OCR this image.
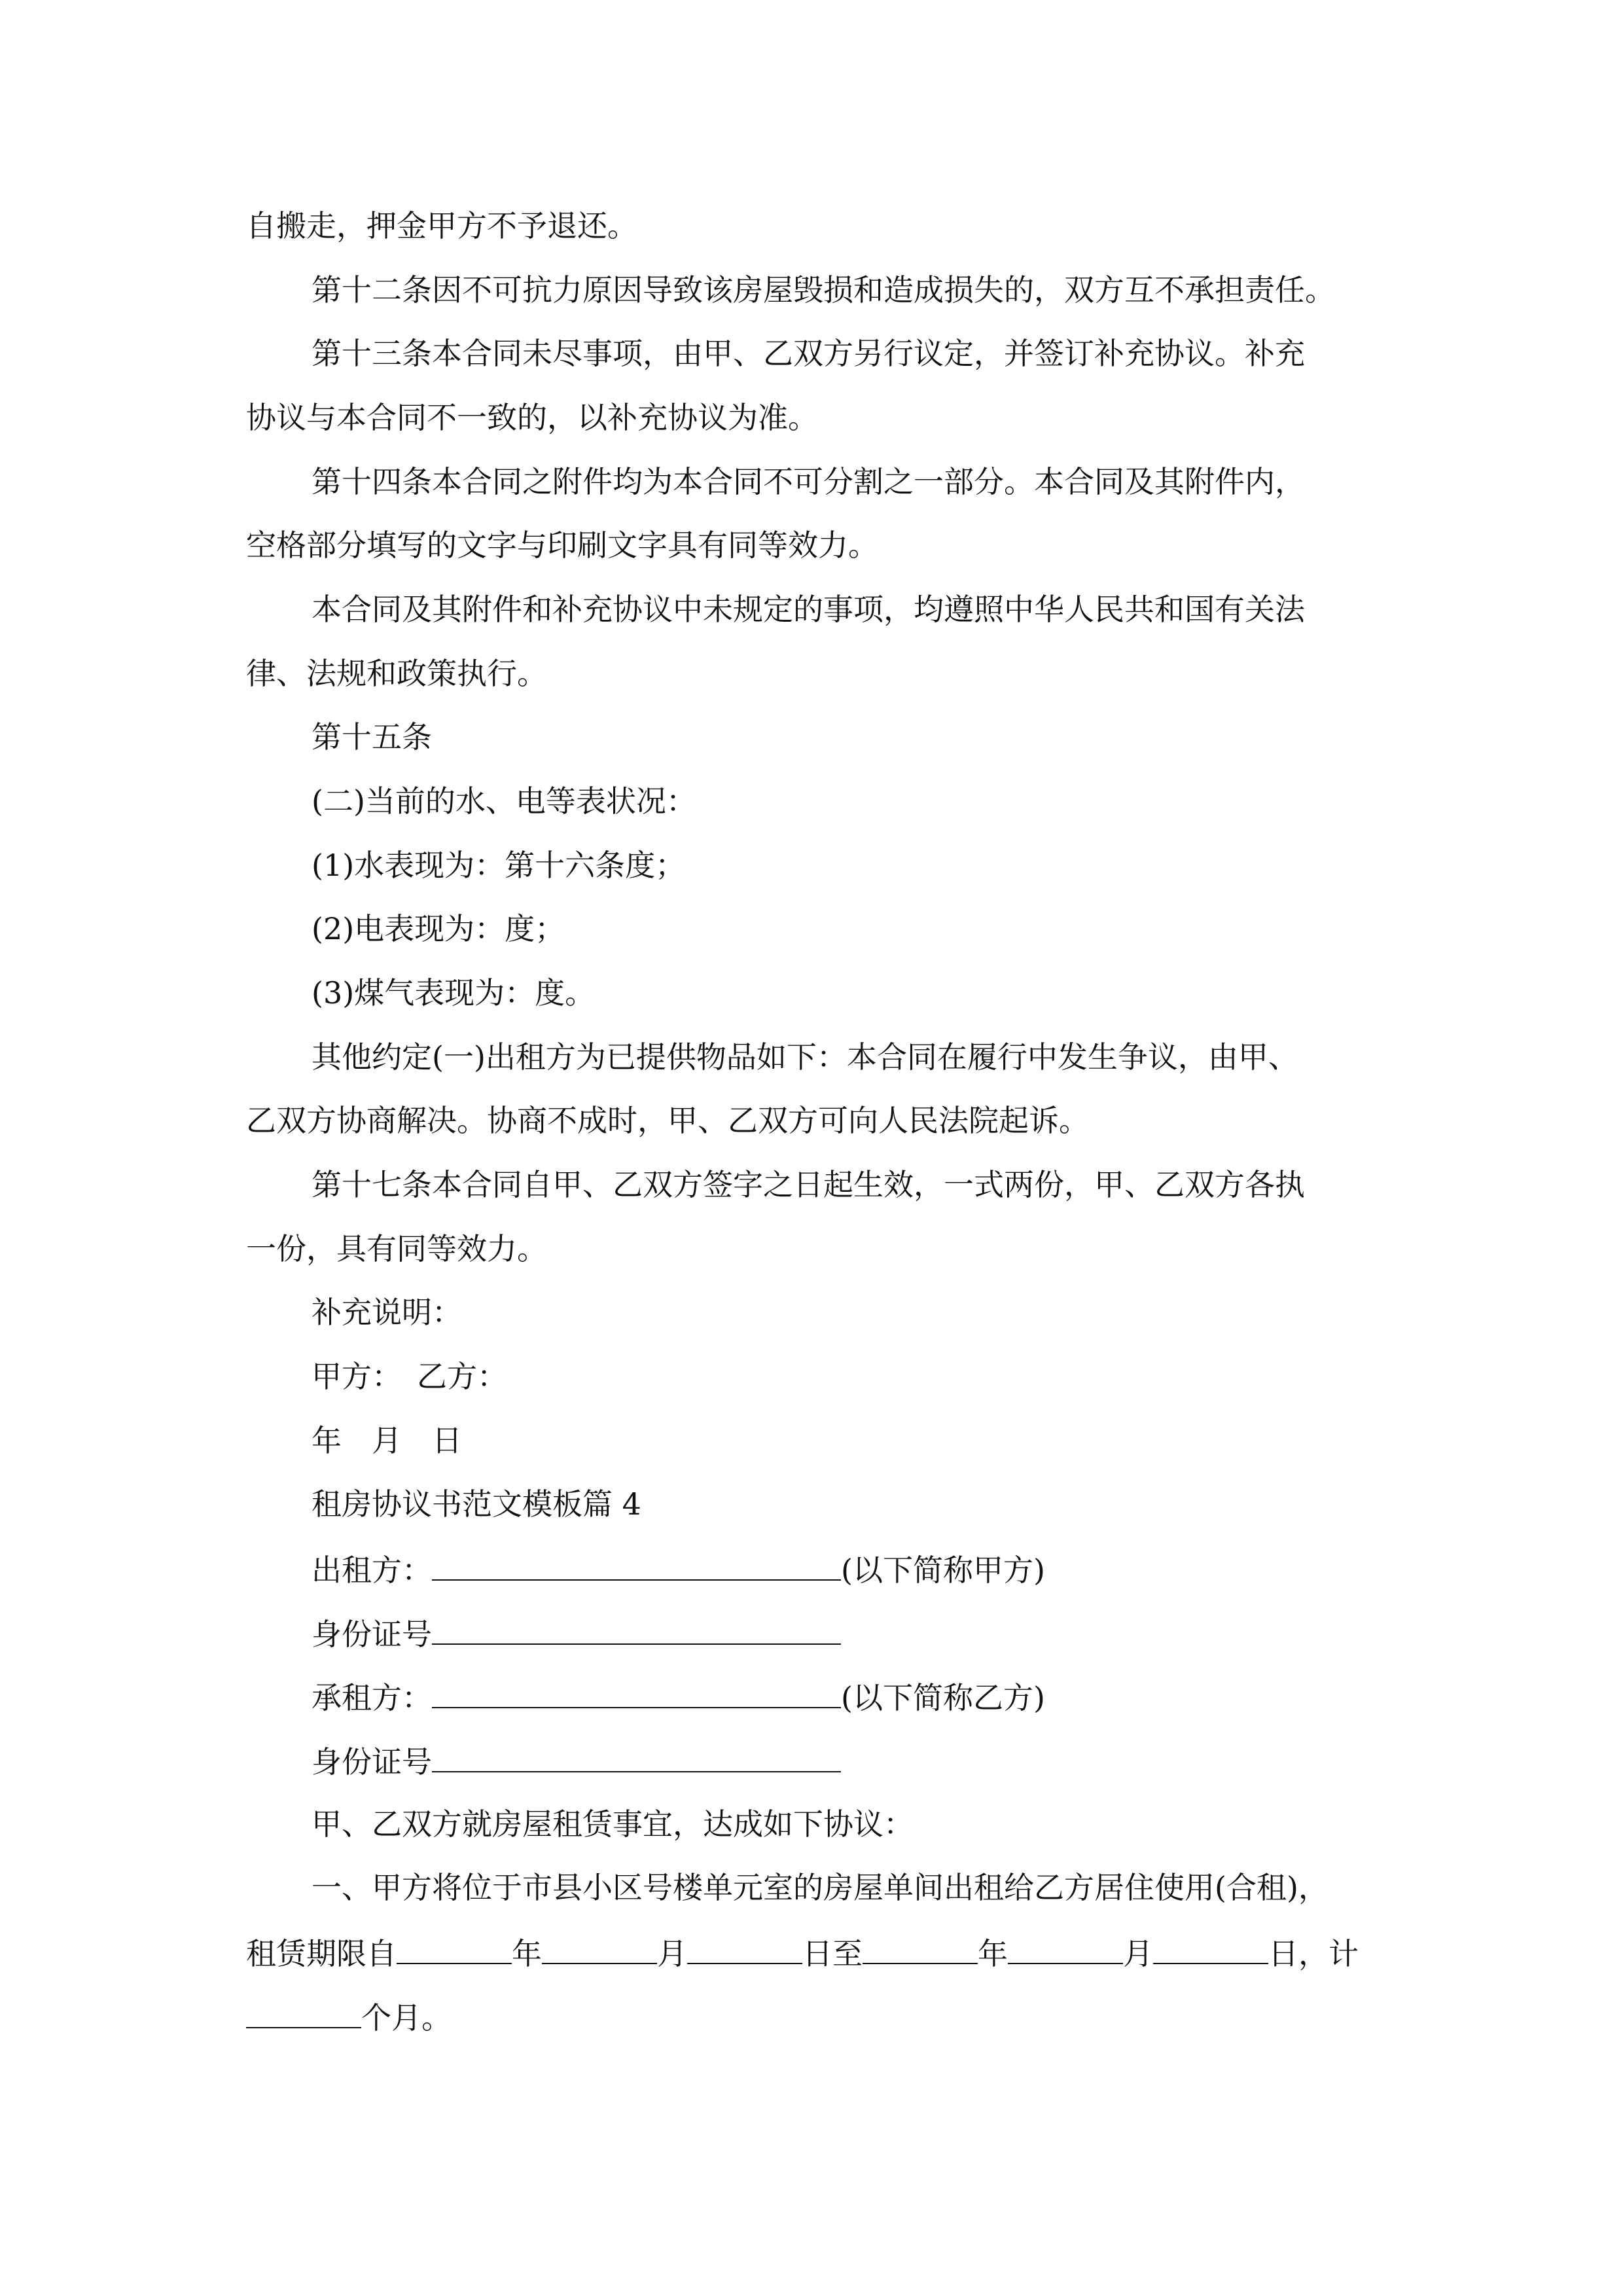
自搬走，押金甲方不予退还。
第十二条因不可抗力原因导致该房屋毁损和造成损失的，双方互不承担责任。
第十三条本合同未尽事项，由甲、乙双方另行议定，并签订补充协议。补充
协议与本合同不一致的，以补充协议为准。
第十四条本合同之附件均为本合同不可分割之一部分。本合同及其附件内，
空格部分填写的文字与印刷文字具有同等效力。
本合同及其附件和补充协议中未规定的事项，均遵照中华人民共和国有关法
律、法规和政策执行。
第十五条
(二)当前的水、电等表状况：
(1)水表现为：第十六条度；
(2)电表现为：度；
(3)煤气表现为：度。
其他约定(一)出租方为已提供物品如下：本合同在履行中发生争议，由甲、
乙双方协商解决。协商不成时，甲、乙双方可向人民法院起诉。
第十七条本合同自甲、乙双方签字之日起生效，一式两份，甲、乙双方各执
一份，具有同等效力。
补充说明：
甲方：　乙方：
年　月　日
租房协议书范文模板篇 4
出租方：	(以下简称甲方)
身份证号
承租方：	(以下简称乙方)
身份证号
甲、乙双方就房屋租赁事宜，达成如下协议：
一、甲方将位于市县小区号楼单元室的房屋单间出租给乙方居住使用(合租)，
租赁期限自	年	月	日至	年	月	日，计
个月。
